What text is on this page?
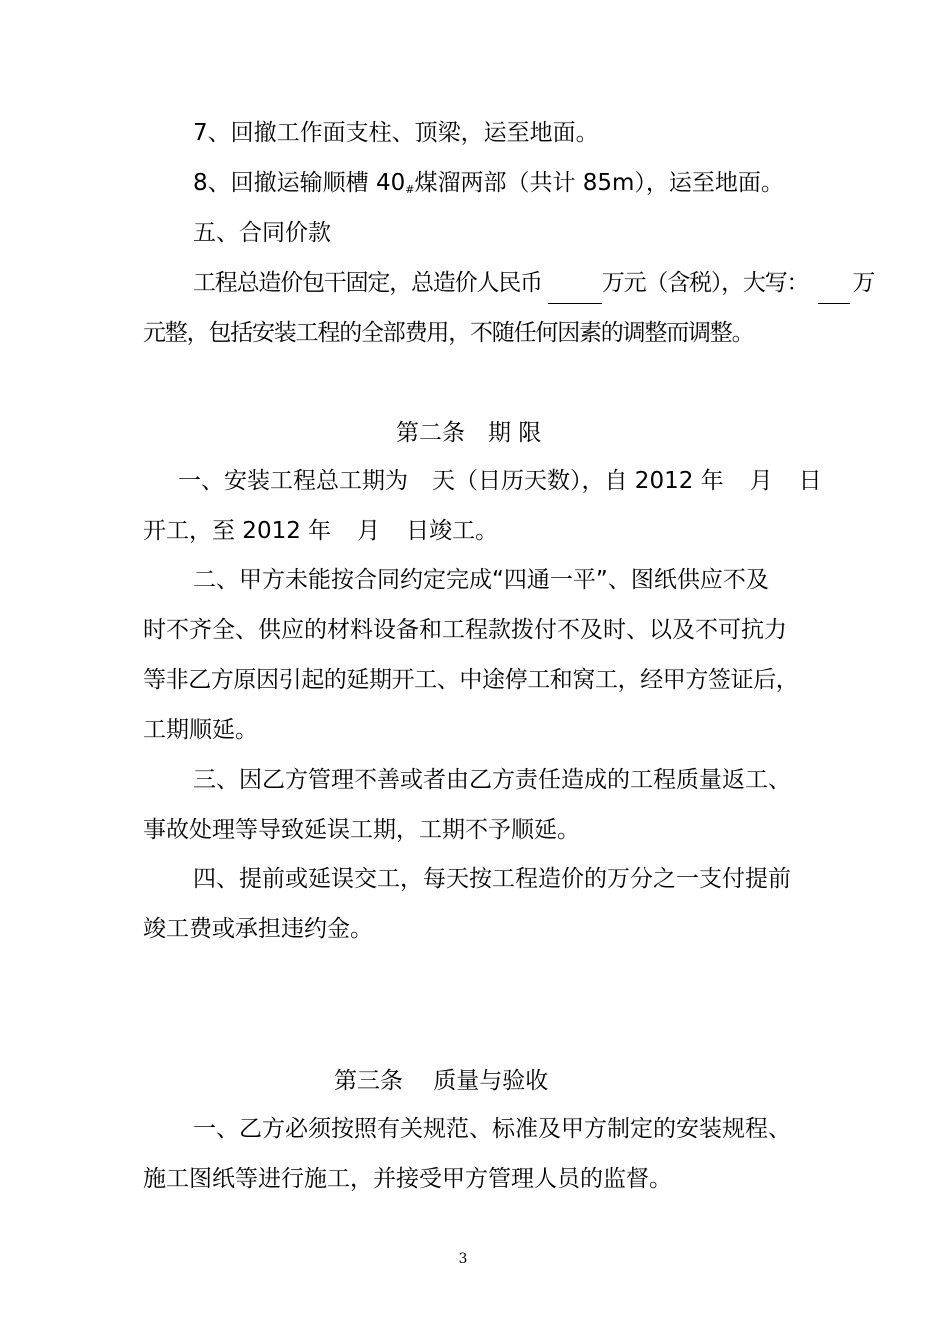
7、回撤工作面支柱、顶梁，运至地面。
8、回撤运输顺槽 $40_{\#}$煤溜两部（共计 85m），运至地面。
五、合同价款
工程总造价包干固定，总造价人民币	万元（含税），大写： 万
元整，包括安装工程的全部费用，不随任何因素的调整而调整。
第二条　期 限
一、安装工程总工期为 天（日历天数），自 2012 年 月 日
开工，至 2012 年 月 日竣工。
二、甲方未能按合同约定完成“四通一平”、图纸供应不及
时不齐全、供应的材料设备和工程款拨付不及时、以及不可抗力
等非乙方原因引起的延期开工、中途停工和窝工，经甲方签证后，
工期顺延。
三、因乙方管理不善或者由乙方责任造成的工程质量返工、
事故处理等导致延误工期，工期不予顺延。
四、提前或延误交工，每天按工程造价的万分之一支付提前
竣工费或承担违约金。
第三条　 质量与验收
一、乙方必须按照有关规范、标准及甲方制定的安装规程、
施工图纸等进行施工，并接受甲方管理人员的监督。
3
